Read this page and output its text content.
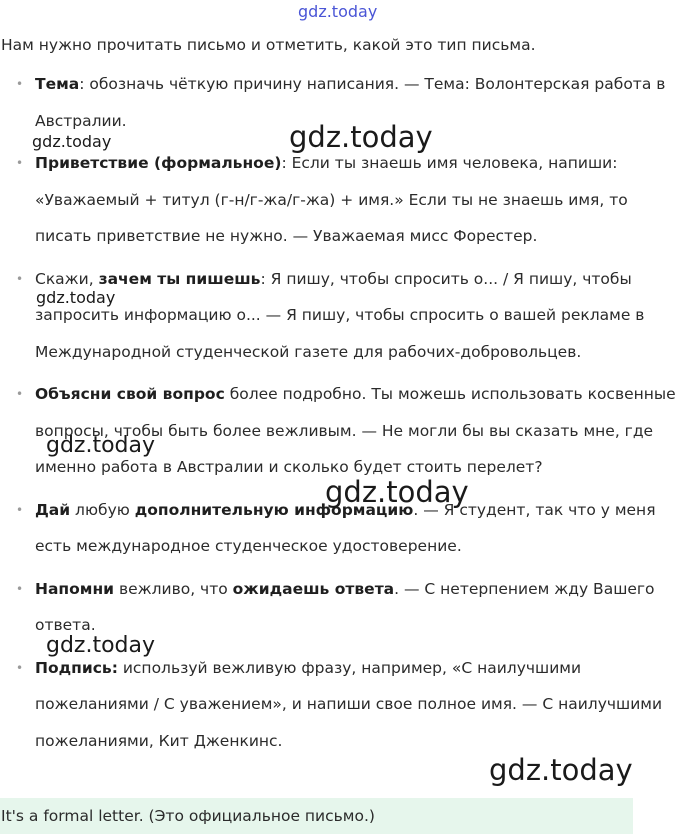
gdz.today
Нам нужно прочитать письмо и отметить, какой это тип письма.
• Тема: обозначь чёткую причину написания. — Тема: Волонтерская работа в Австралии.
• Приветствие (формальное): Если ты знаешь имя человека, напиши: «Уважаемый + титул (г-н/г-жа/г-жа) + имя.» Если ты не знаешь имя, то писать приветствие не нужно. — Уважаемая мисс Форестер.
• Скажи, зачем ты пишешь: Я пишу, чтобы спросить о... / Я пишу, чтобы запросить информацию о... — Я пишу, чтобы спросить о вашей рекламе в Международной студенческой газете для рабочих-добровольцев.
• Объясни свой вопрос более подробно. Ты можешь использовать косвенные вопросы, чтобы быть более вежливым. — Не могли бы вы сказать мне, где именно работа в Австралии и сколько будет стоить перелет?
• Дай любую дополнительную информацию. — Я студент, так что у меня есть международное студенческое удостоверение.
• Напомни вежливо, что ожидаешь ответа. — С нетерпением жду Вашего ответа.
• Подпись: используй вежливую фразу, например, «С наилучшими пожеланиями / С уважением», и напиши свое полное имя. — С наилучшими пожеланиями, Кит Дженкинс.
gdz.today	gdz.today
gdz.today
gdz.today
gdz.today
gdz.today
gdz.today
It's a formal letter. (Это официальное письмо.)
